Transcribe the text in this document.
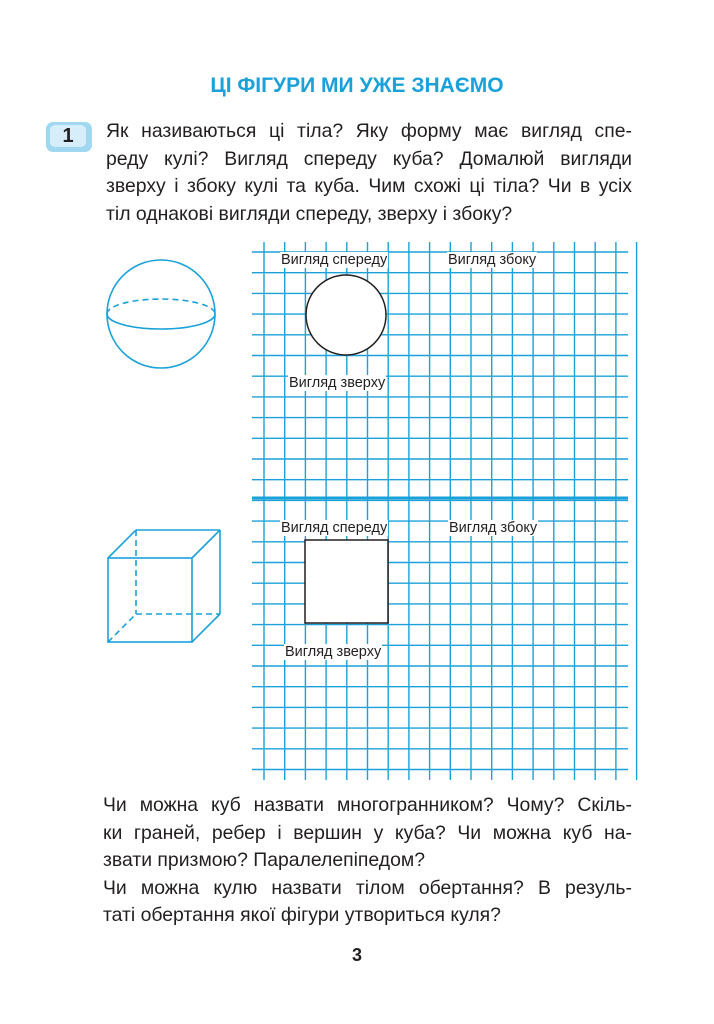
ЦІ ФІГУРИ МИ УЖЕ ЗНАЄМО
1	Як називаються ці тіла? Яку форму має вигляд спе-
реду кулі? Вигляд спереду куба? Домалюй вигляди
зверху і збоку кулі та куба. Чим схожі ці тіла? Чи в усіх
тіл однакові вигляди спереду, зверху і збоку?
Вигляд спереду	Вигляд збоку
Вигляд зверху
Вигляд спереду	Вигляд збоку
Вигляд зверху
Чи можна куб назвати многогранником? Чому? Скіль-
ки граней, ребер і вершин у куба? Чи можна куб на-
звати призмою? Паралелепіпедом?
Чи можна кулю назвати тілом обертання? В резуль-
таті обертання якої фігури утвориться куля?
3
